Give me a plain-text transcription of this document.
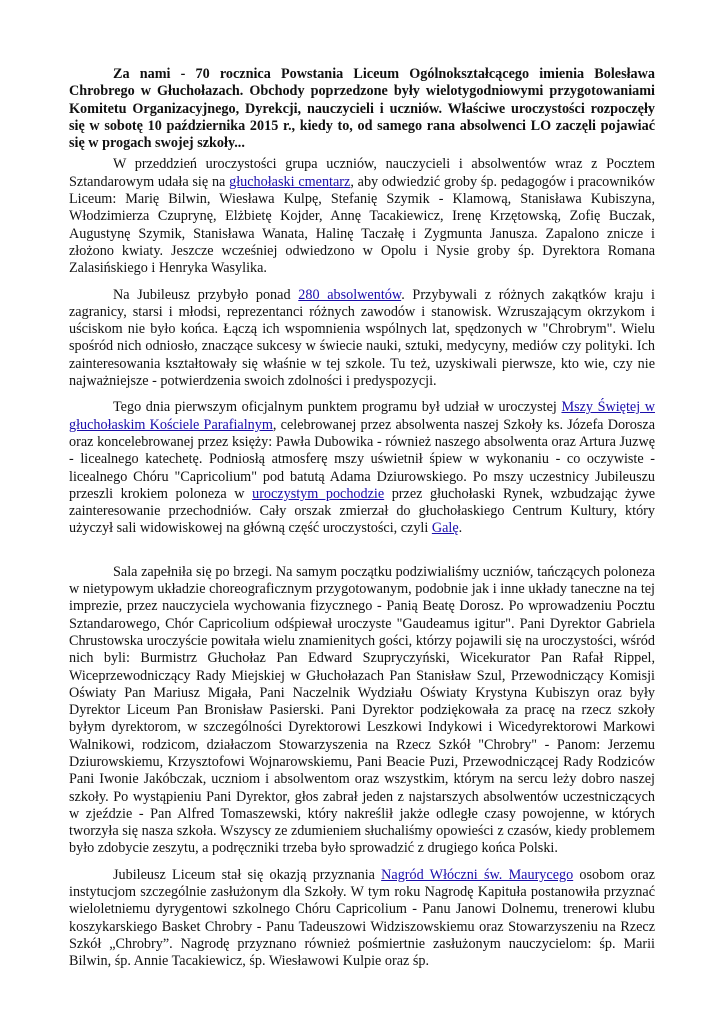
Za nami - 70 rocznica Powstania Liceum Ogólnokształcącego imienia Bolesława Chrobrego w Głuchołazach. Obchody poprzedzone były wielotygodniowymi przygotowaniami Komitetu Organizacyjnego, Dyrekcji, nauczycieli i uczniów. Właściwe uroczystości rozpoczęły się w sobotę 10 października 2015 r., kiedy to, od samego rana absolwenci LO zaczęli pojawiać się w progach swojej szkoły...

W przeddzień uroczystości grupa uczniów, nauczycieli i absolwentów wraz z Pocztem Sztandarowym udała się na głuchołaski cmentarz, aby odwiedzić groby śp. pedagogów i pracowników Liceum: Marię Bilwin, Wiesława Kulpę, Stefanię Szymik - Klamową, Stanisława Kubiszyna, Włodzimierza Czuprynę, Elżbietę Kojder, Annę Tacakiewicz, Irenę Krzętowską, Zofię Buczak, Augustynę Szymik, Stanisława Wanata, Halinę Taczałę i Zygmunta Janusza. Zapalono znicze i złożono kwiaty. Jeszcze wcześniej odwiedzono w Opolu i Nysie groby śp. Dyrektora Romana Zalasińskiego i Henryka Wasylika.

Na Jubileusz przybyło ponad 280 absolwentów. Przybywali z różnych zakątków kraju i zagranicy, starsi i młodsi, reprezentanci różnych zawodów i stanowisk. Wzruszającym okrzykom i uściskom nie było końca. Łączą ich wspomnienia wspólnych lat, spędzonych w "Chrobrym". Wielu spośród nich odniosło, znaczące sukcesy w świecie nauki, sztuki, medycyny, mediów czy polityki. Ich zainteresowania kształtowały się właśnie w tej szkole. Tu też, uzyskiwali pierwsze, kto wie, czy nie najważniejsze - potwierdzenia swoich zdolności i predyspozycji.

Tego dnia pierwszym oficjalnym punktem programu był udział w uroczystej Mszy Świętej w głuchołaskim Kościele Parafialnym, celebrowanej przez absolwenta naszej Szkoły ks. Józefa Dorosza oraz koncelebrowanej przez księży: Pawła Dubowika - również naszego absolwenta oraz Artura Juzwę - licealnego katechetę. Podniosłą atmosferę mszy uświetnił śpiew w wykonaniu - co oczywiste - licealnego Chóru "Capricolium" pod batutą Adama Dziurowskiego. Po mszy uczestnicy Jubileuszu przeszli krokiem poloneza w uroczystym pochodzie przez głuchołaski Rynek, wzbudzając żywe zainteresowanie przechodniów. Cały orszak zmierzał do głuchołaskiego Centrum Kultury, który użyczył sali widowiskowej na główną część uroczystości, czyli Galę.

Sala zapełniła się po brzegi. Na samym początku podziwialiśmy uczniów, tańczących poloneza w nietypowym układzie choreograficznym przygotowanym, podobnie jak i inne układy taneczne na tej imprezie, przez nauczyciela wychowania fizycznego - Panią Beatę Dorosz. Po wprowadzeniu Pocztu Sztandarowego, Chór Capricolium odśpiewał uroczyste "Gaudeamus igitur". Pani Dyrektor Gabriela Chrustowska uroczyście powitała wielu znamienitych gości, którzy pojawili się na uroczystości, wśród nich byli: Burmistrz Głuchołaz Pan Edward Szupryczyński, Wicekurator Pan Rafał Rippel, Wiceprzewodniczący Rady Miejskiej w Głuchołazach Pan Stanisław Szul, Przewodniczący Komisji Oświaty Pan Mariusz Migała, Pani Naczelnik Wydziału Oświaty Krystyna Kubiszyn oraz były Dyrektor Liceum Pan Bronisław Pasierski. Pani Dyrektor podziękowała za pracę na rzecz szkoły byłym dyrektorom, w szczególności Dyrektorowi Leszkowi Indykowi i Wicedyrektorowi Markowi Walnikowi, rodzicom, działaczom Stowarzyszenia na Rzecz Szkół "Chrobry" - Panom: Jerzemu Dziurowskiemu, Krzysztofowi Wojnarowskiemu, Pani Beacie Puzi, Przewodniczącej Rady Rodziców Pani Iwonie Jakóbczak, uczniom i absolwentom oraz wszystkim, którym na sercu leży dobro naszej szkoły. Po wystąpieniu Pani Dyrektor, głos zabrał jeden z najstarszych absolwentów uczestniczących w zjeździe - Pan Alfred Tomaszewski, który nakreślił jakże odległe czasy powojenne, w których tworzyła się nasza szkoła. Wszyscy ze zdumieniem słuchaliśmy opowieści z czasów, kiedy problemem było zdobycie zeszytu, a podręczniki trzeba było sprowadzić z drugiego końca Polski.

Jubileusz Liceum stał się okazją przyznania Nagród Włóczni św. Maurycego osobom oraz instytucjom szczególnie zasłużonym dla Szkoły. W tym roku Nagrodę Kapituła postanowiła przyznać wieloletniemu dyrygentowi szkolnego Chóru Capricolium - Panu Janowi Dolnemu, trenerowi klubu koszykarskiego Basket Chrobry - Panu Tadeuszowi Widziszowskiemu oraz Stowarzyszeniu na Rzecz Szkół „Chrobry”. Nagrodę przyznano również pośmiertnie zasłużonym nauczycielom: śp. Marii Bilwin, śp. Annie Tacakiewicz, śp. Wiesławowi Kulpie oraz śp.
